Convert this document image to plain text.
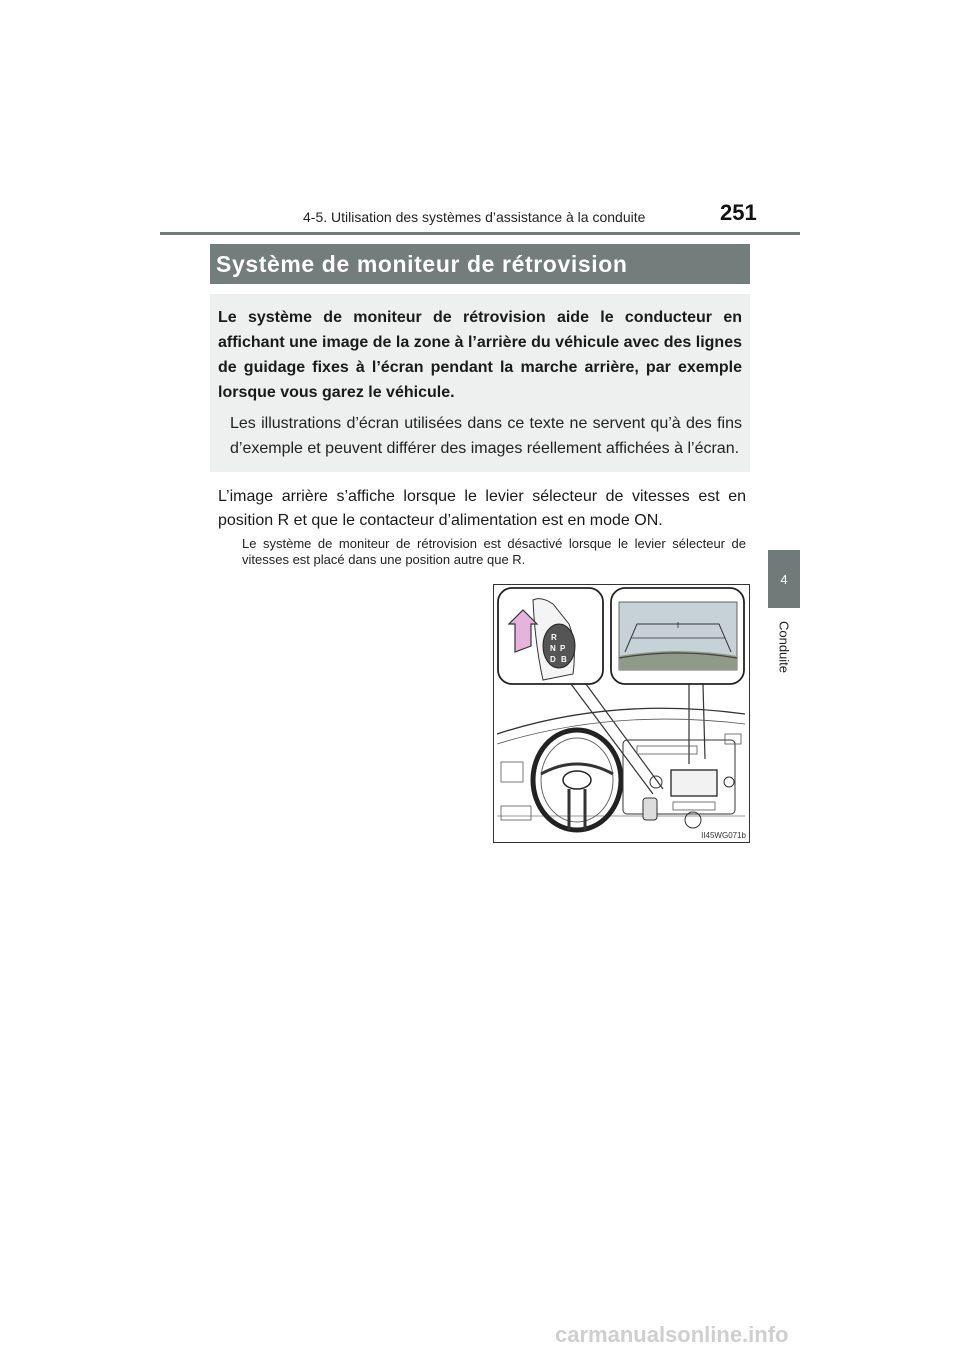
4-5. Utilisation des systèmes d’assistance à la conduite	251
4
Conduite
Système de moniteur de rétrovision

Le système de moniteur de rétrovision aide le conducteur en affichant une image de la zone à l’arrière du véhicule avec des lignes de guidage fixes à l’écran pendant la marche arrière, par exemple lorsque vous garez le véhicule.

Les illustrations d’écran utilisées dans ce texte ne servent qu’à des fins d’exemple et peuvent différer des images réellement affichées à l’écran.

L’image arrière s’affiche lorsque le levier sélecteur de vitesses est en position R et que le contacteur d’alimentation est en mode ON.

Le système de moniteur de rétrovision est désactivé lorsque le levier sélecteur de vitesses est placé dans une position autre que R.

R
N P
D B
II45WG071b
carmanualsonline.info
